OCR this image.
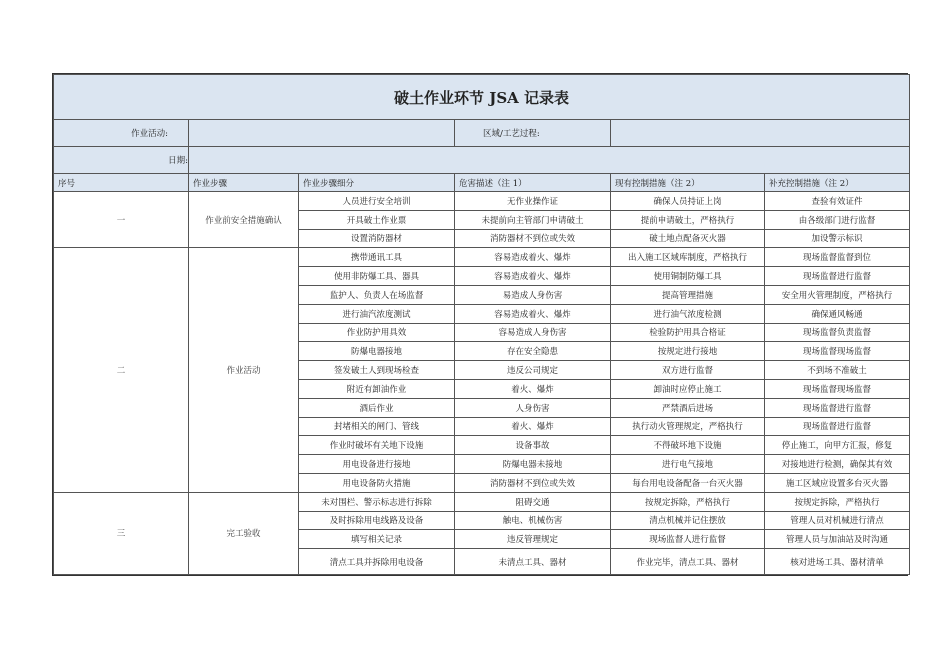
破土作业环节 JSA 记录表					
作业活动:			区域/工艺过程:		
日期:					
序号	作业步骤	作业步骤细分	危害描述（注 1）	现有控制措施（注 2）	补充控制措施（注 2）
一	作业前安全措施确认	人员进行安全培训	无作业操作证	确保人员持证上岗	查验有效证件
		开具破土作业票	未提前向主管部门申请破土	提前申请破土，严格执行	由各级部门进行监督
		设置消防器材	消防器材不到位或失效	破土地点配备灭火器	加设警示标识
二	作业活动	携带通讯工具	容易造成着火、爆炸	出入施工区域库制度，严格执行	现场监督监督到位
		使用非防爆工具、器具	容易造成着火、爆炸	使用铜制防爆工具	现场监督进行监督
		监护人、负责人在场监督	易造成人身伤害	提高管理措施	安全用火管理制度，严格执行
		进行油汽浓度测试	容易造成着火、爆炸	进行油气浓度检测	确保通风畅通
		作业防护用具效	容易造成人身伤害	检验防护用具合格证	现场监督负责监督
		防爆电器接地	存在安全隐患	按规定进行接地	现场监督现场监督
		签发破土人到现场检查	违反公司规定	双方进行监督	不到场不准破土
		附近有卸油作业	着火、爆炸	卸油时应停止施工	现场监督现场监督
		酒后作业	人身伤害	严禁酒后进场	现场监督进行监督
		封堵相关的闸门、管线	着火、爆炸	执行动火管理规定，严格执行	现场监督进行监督
		作业时破坏有关地下设施	设备事故	不得破坏地下设施	停止施工，向甲方汇报，修复
		用电设备进行接地	防爆电器未接地	进行电气接地	对接地进行检测，确保其有效
		用电设备防火措施	消防器材不到位或失效	每台用电设备配备一台灭火器	施工区域应设置多台灭火器
三	完工验收	未对围栏、警示标志进行拆除	阻碍交通	按规定拆除，严格执行	按规定拆除，严格执行
		及时拆除用电线路及设备	触电、机械伤害	清点机械并记住摆放	管理人员对机械进行清点
		填写相关记录	违反管理规定	现场监督人进行监督	管理人员与加油站及时沟通
		清点工具并拆除用电设备	未清点工具、器材	作业完毕，清点工具、器材	核对进场工具、器材清单
